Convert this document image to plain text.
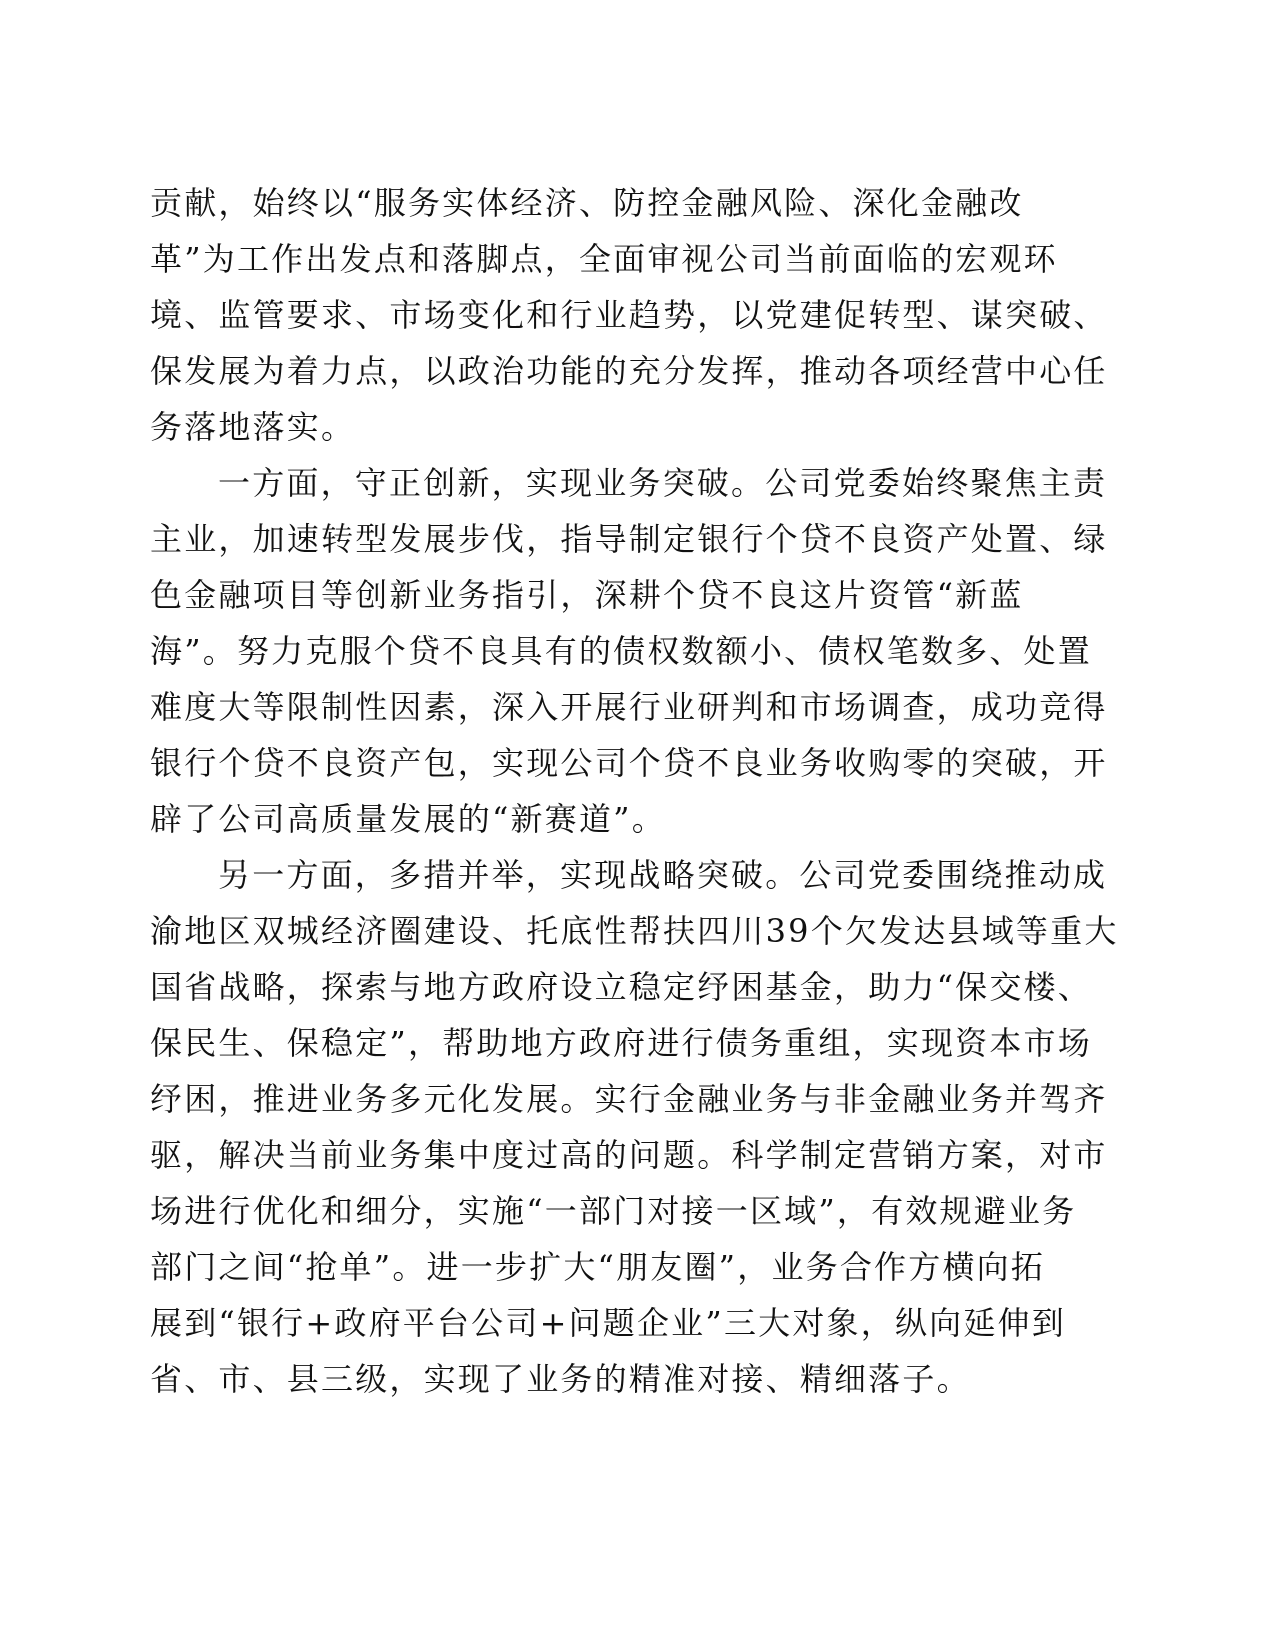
贡献，始终以“服务实体经济、防控金融风险、深化金融改
革”为工作出发点和落脚点，全面审视公司当前面临的宏观环
境、监管要求、市场变化和行业趋势，以党建促转型、谋突破、
保发展为着力点，以政治功能的充分发挥，推动各项经营中心任
务落地落实。
一方面，守正创新，实现业务突破。公司党委始终聚焦主责
主业，加速转型发展步伐，指导制定银行个贷不良资产处置、绿
色金融项目等创新业务指引，深耕个贷不良这片资管“新蓝
海”。努力克服个贷不良具有的债权数额小、债权笔数多、处置
难度大等限制性因素，深入开展行业研判和市场调查，成功竞得
银行个贷不良资产包，实现公司个贷不良业务收购零的突破，开
辟了公司高质量发展的“新赛道”。
另一方面，多措并举，实现战略突破。公司党委围绕推动成
渝地区双城经济圈建设、托底性帮扶四川39个欠发达县域等重大
国省战略，探索与地方政府设立稳定纾困基金，助力“保交楼、
保民生、保稳定”，帮助地方政府进行债务重组，实现资本市场
纾困，推进业务多元化发展。实行金融业务与非金融业务并驾齐
驱，解决当前业务集中度过高的问题。科学制定营销方案，对市
场进行优化和细分，实施“一部门对接一区域”，有效规避业务
部门之间“抢单”。进一步扩大“朋友圈”，业务合作方横向拓
展到“银行+政府平台公司+问题企业”三大对象，纵向延伸到
省、市、县三级，实现了业务的精准对接、精细落子。
